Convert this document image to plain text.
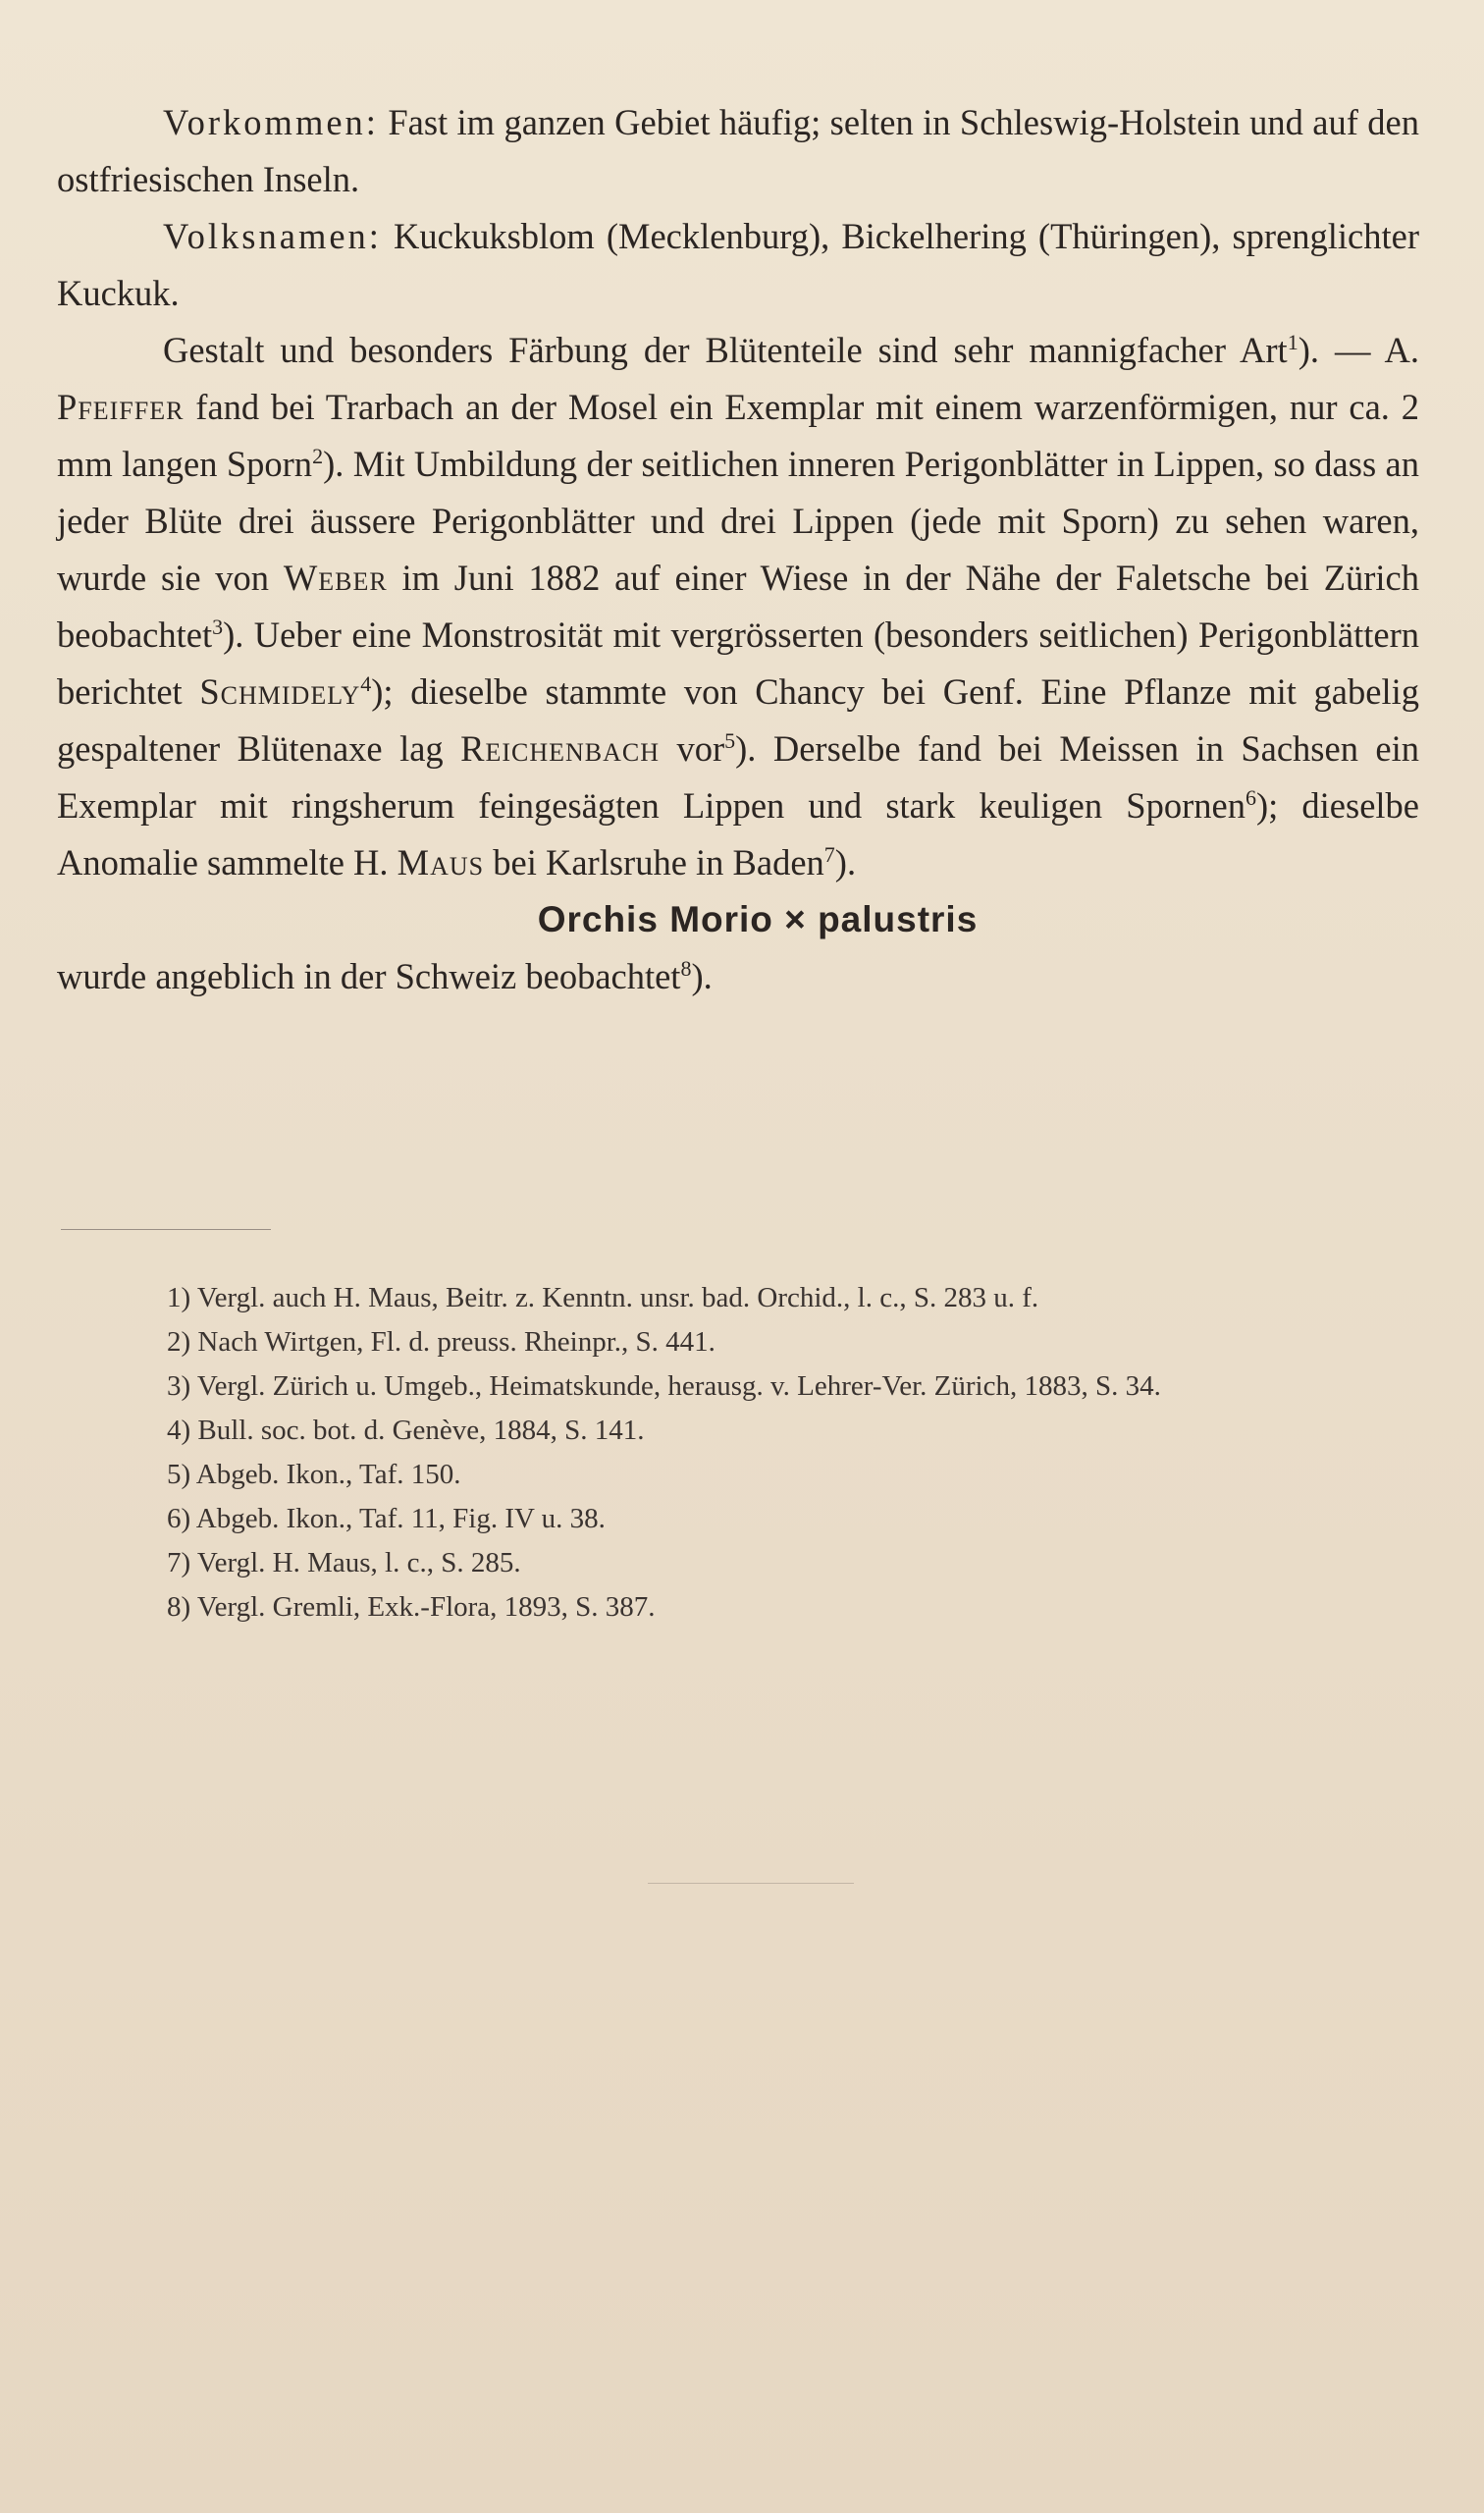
Vorkommen: Fast im ganzen Gebiet häufig; selten in Schleswig-Holstein und auf den ostfriesischen Inseln.

Volksnamen: Kuckuksblom (Mecklenburg), Bickelhering (Thüringen), sprenglichter Kuckuk.

Gestalt und besonders Färbung der Blütenteile sind sehr mannigfacher Art$^1$). — A. Pfeiffer fand bei Trarbach an der Mosel ein Exemplar mit einem warzenförmigen, nur ca. 2 mm langen Sporn$^2$). Mit Umbildung der seitlichen inneren Perigonblätter in Lippen, so dass an jeder Blüte drei äussere Perigonblätter und drei Lippen (jede mit Sporn) zu sehen waren, wurde sie von Weber im Juni 1882 auf einer Wiese in der Nähe der Faletsche bei Zürich beobachtet$^3$). Ueber eine Monstrosität mit vergrösserten (besonders seitlichen) Perigonblättern berichtet Schmidely$^4$); dieselbe stammte von Chancy bei Genf. Eine Pflanze mit gabelig gespaltener Blütenaxe lag Reichenbach vor$^5$). Derselbe fand bei Meissen in Sachsen ein Exemplar mit ringsherum feingesägten Lippen und stark keuligen Spornen$^6$); dieselbe Anomalie sammelte H. Maus bei Karlsruhe in Baden$^7$).

Orchis Morio × palustris

wurde angeblich in der Schweiz beobachtet$^8$).

1) Vergl. auch H. Maus, Beitr. z. Kenntn. unsr. bad. Orchid., l. c., S. 283 u. f.

2) Nach Wirtgen, Fl. d. preuss. Rheinpr., S. 441.

3) Vergl. Zürich u. Umgeb., Heimatskunde, herausg. v. Lehrer-Ver. Zürich, 1883, S. 34.

4) Bull. soc. bot. d. Genève, 1884, S. 141.

5) Abgeb. Ikon., Taf. 150.

6) Abgeb. Ikon., Taf. 11, Fig. IV u. 38.

7) Vergl. H. Maus, l. c., S. 285.

8) Vergl. Gremli, Exk.-Flora, 1893, S. 387.
